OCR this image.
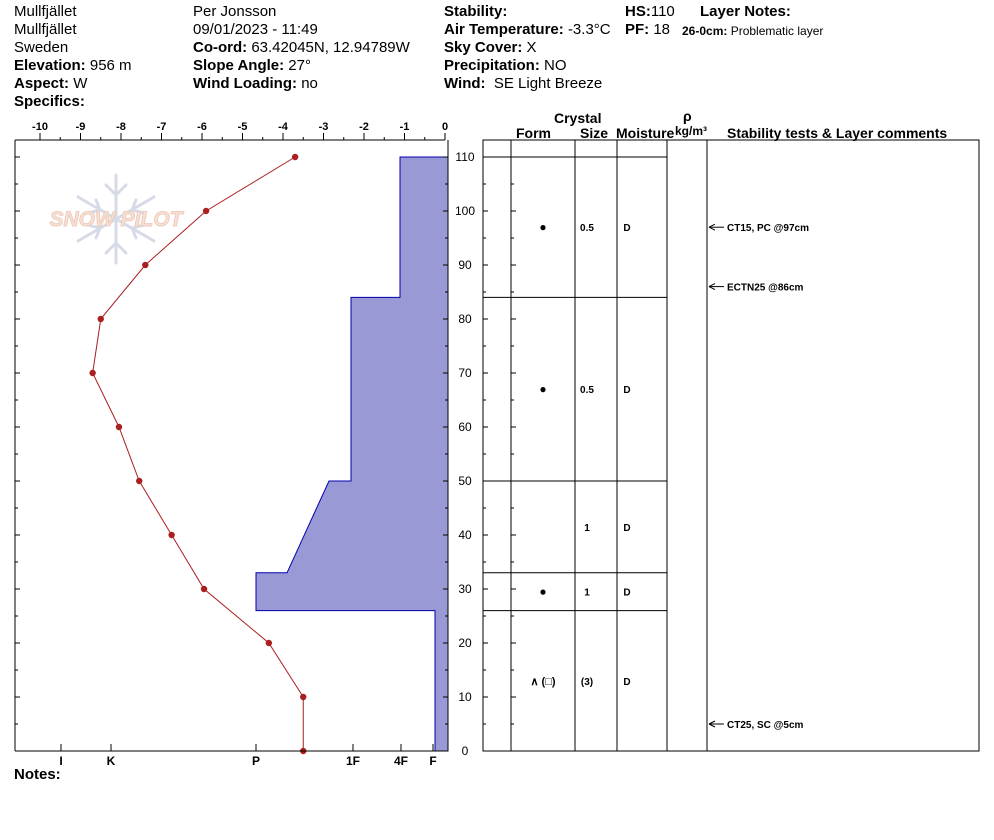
Mullfjället
Mullfjället
Sweden
Elevation: 956 m
Aspect: W
Specifics:
Per Jonsson
09/01/2023 - 11:49
Co-ord: 63.42045N, 12.94789W
Slope Angle: 27°
Wind Loading: no
Stability:
Air Temperature: -3.3°C
Sky Cover: X
Precipitation: NO
Wind: SE Light Breeze
HS:110 Layer Notes:
PF: 18 26-0cm: Problematic layer
Crystal
Form Size Moisture
ρ
kg/m³ Stability tests & Layer comments
Notes:
SNOW PILOT
-10	-9	-8	-7	-6	-5	-4	-3	-2	-1	0
0
10
20
30
40
50
60
70
80
90
100
110
I	K	P	1F	4F F
●	0.5	D
●	0.5	D
1	D
●	1	D
∧ (□)	(3)	D
CT15, PC @97cm
ECTN25 @86cm
CT25, SC @5cm
